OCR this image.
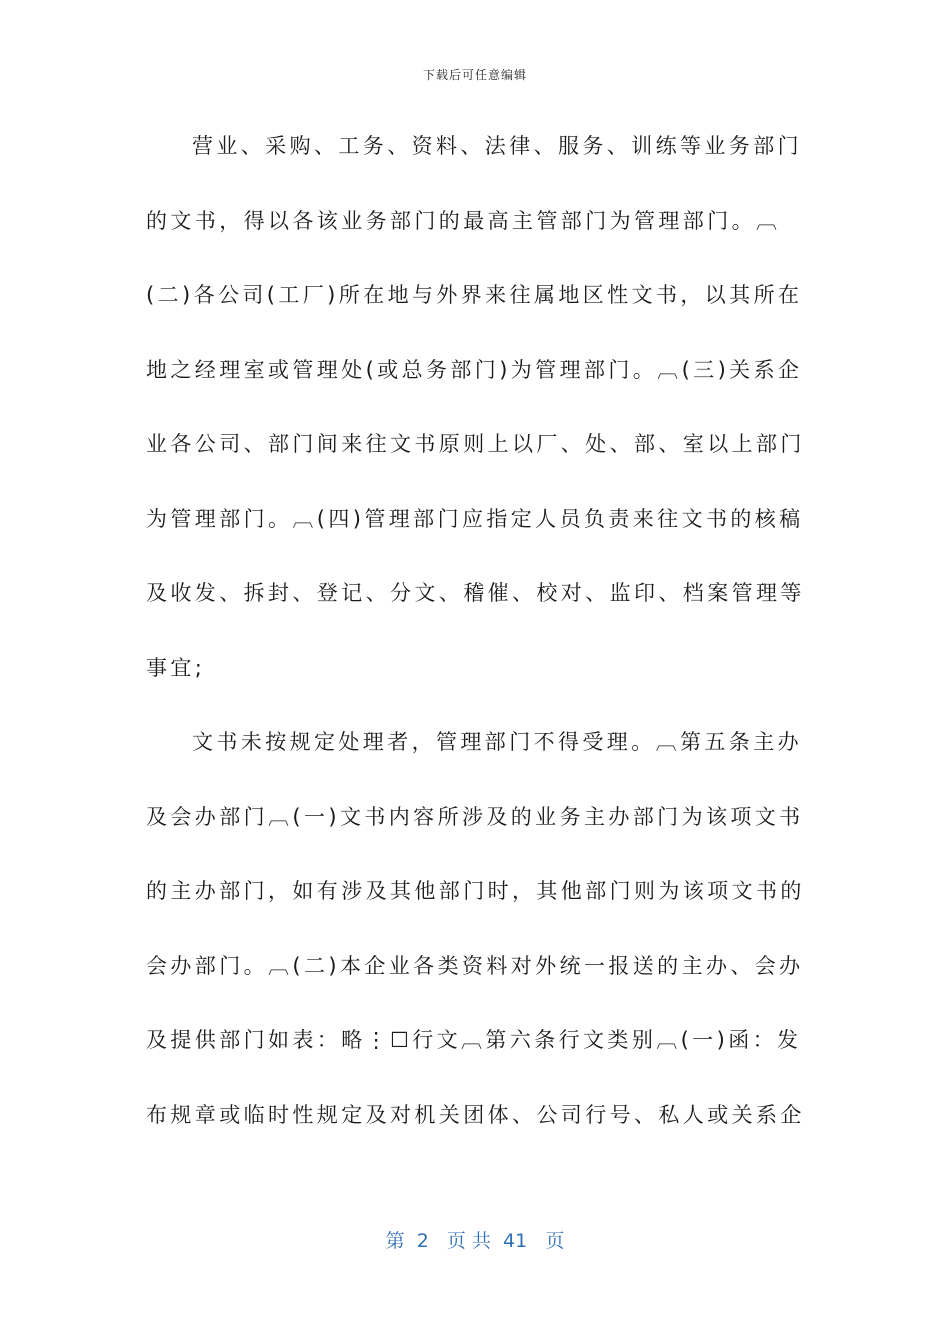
下载后可任意编辑
营业、采购、工务、资料、法律、服务、训练等业务部门
的文书，得以各该业务部门的最高主管部门为管理部门。︹
(二)各公司(工厂)所在地与外界来往属地区性文书，以其所在
地之经理室或管理处(或总务部门)为管理部门。︹(三)关系企
业各公司、部门间来往文书原则上以厂、处、部、室以上部门
为管理部门。︹(四)管理部门应指定人员负责来往文书的核稿
及收发、拆封、登记、分文、稽催、校对、监印、档案管理等
事宜;
文书未按规定处理者，管理部门不得受理。︹第五条主办
及会办部门︹(一)文书内容所涉及的业务主办部门为该项文书
的主办部门，如有涉及其他部门时，其他部门则为该项文书的
会办部门。︹(二)本企业各类资料对外统一报送的主办、会办
及提供部门如表：略⋮☐行文︹第六条行文类别︹(一)函：发
布规章或临时性规定及对机关团体、公司行号、私人或关系企
第  2   页 共  41   页
